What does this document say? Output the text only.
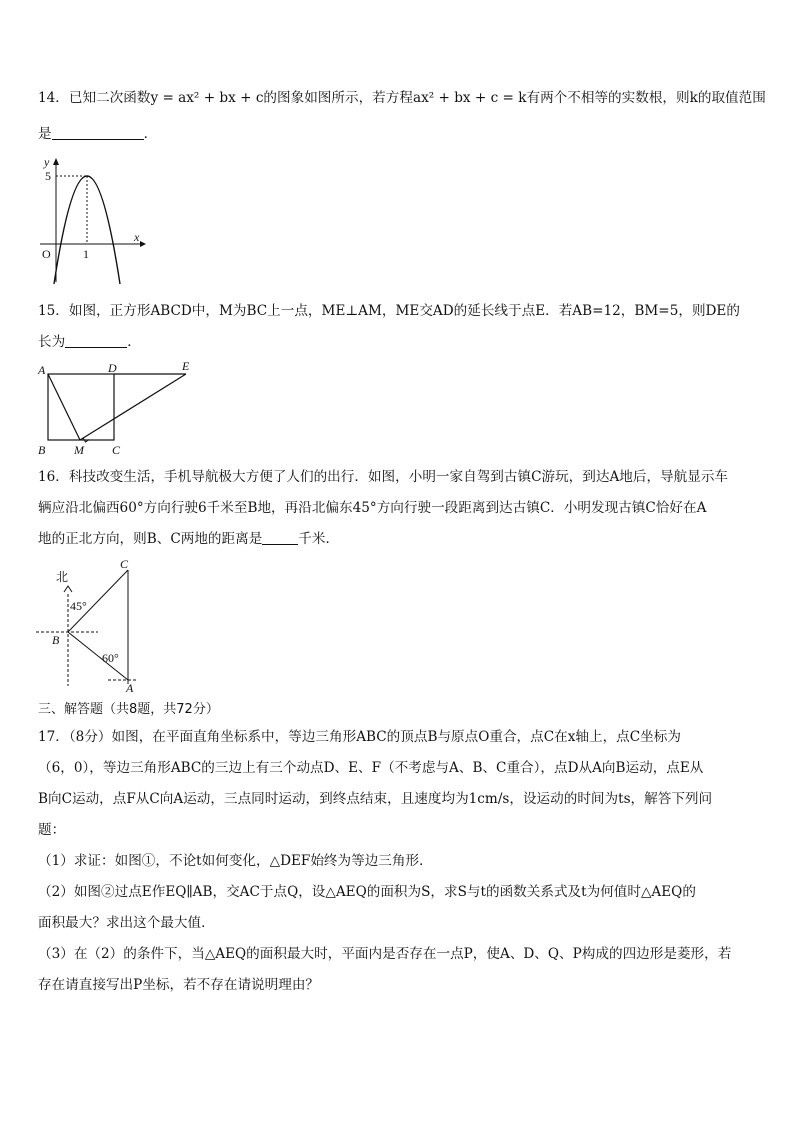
14．已知二次函数y = ax² + bx + c的图象如图所示，若方程ax² + bx + c = k有两个不相等的实数根，则k的取值范围
是	．
y
x
O	1
5
15．如图，正方形ABCD中，M为BC上一点，ME⊥AM，ME交AD的延长线于点E．若AB=12，BM=5，则DE的
长为	．
A
B	C
D	E
M
16．科技改变生活，手机导航极大方便了人们的出行．如图，小明一家自驾到古镇C游玩，到达A地后，导航显示车
辆应沿北偏西60°方向行驶6千米至B地，再沿北偏东45°方向行驶一段距离到达古镇C．小明发现古镇C恰好在A
地的正北方向，则B、C两地的距离是	千米．
北
45°
60°
B
C
A
三、解答题（共8题，共72分）
17．（8分）如图，在平面直角坐标系中，等边三角形ABC的顶点B与原点O重合，点C在x轴上，点C坐标为
（6，0），等边三角形ABC的三边上有三个动点D、E、F（不考虑与A、B、C重合），点D从A向B运动，点E从
B向C运动，点F从C向A运动，三点同时运动，到终点结束，且速度均为1cm/s，设运动的时间为ts，解答下列问
题：
（1）求证：如图①，不论t如何变化，△DEF始终为等边三角形．
（2）如图②过点E作EQ∥AB，交AC于点Q，设△AEQ的面积为S，求S与t的函数关系式及t为何值时△AEQ的
面积最大？求出这个最大值．
（3）在（2）的条件下，当△AEQ的面积最大时，平面内是否存在一点P，使A、D、Q、P构成的四边形是菱形，若
存在请直接写出P坐标，若不存在请说明理由？
